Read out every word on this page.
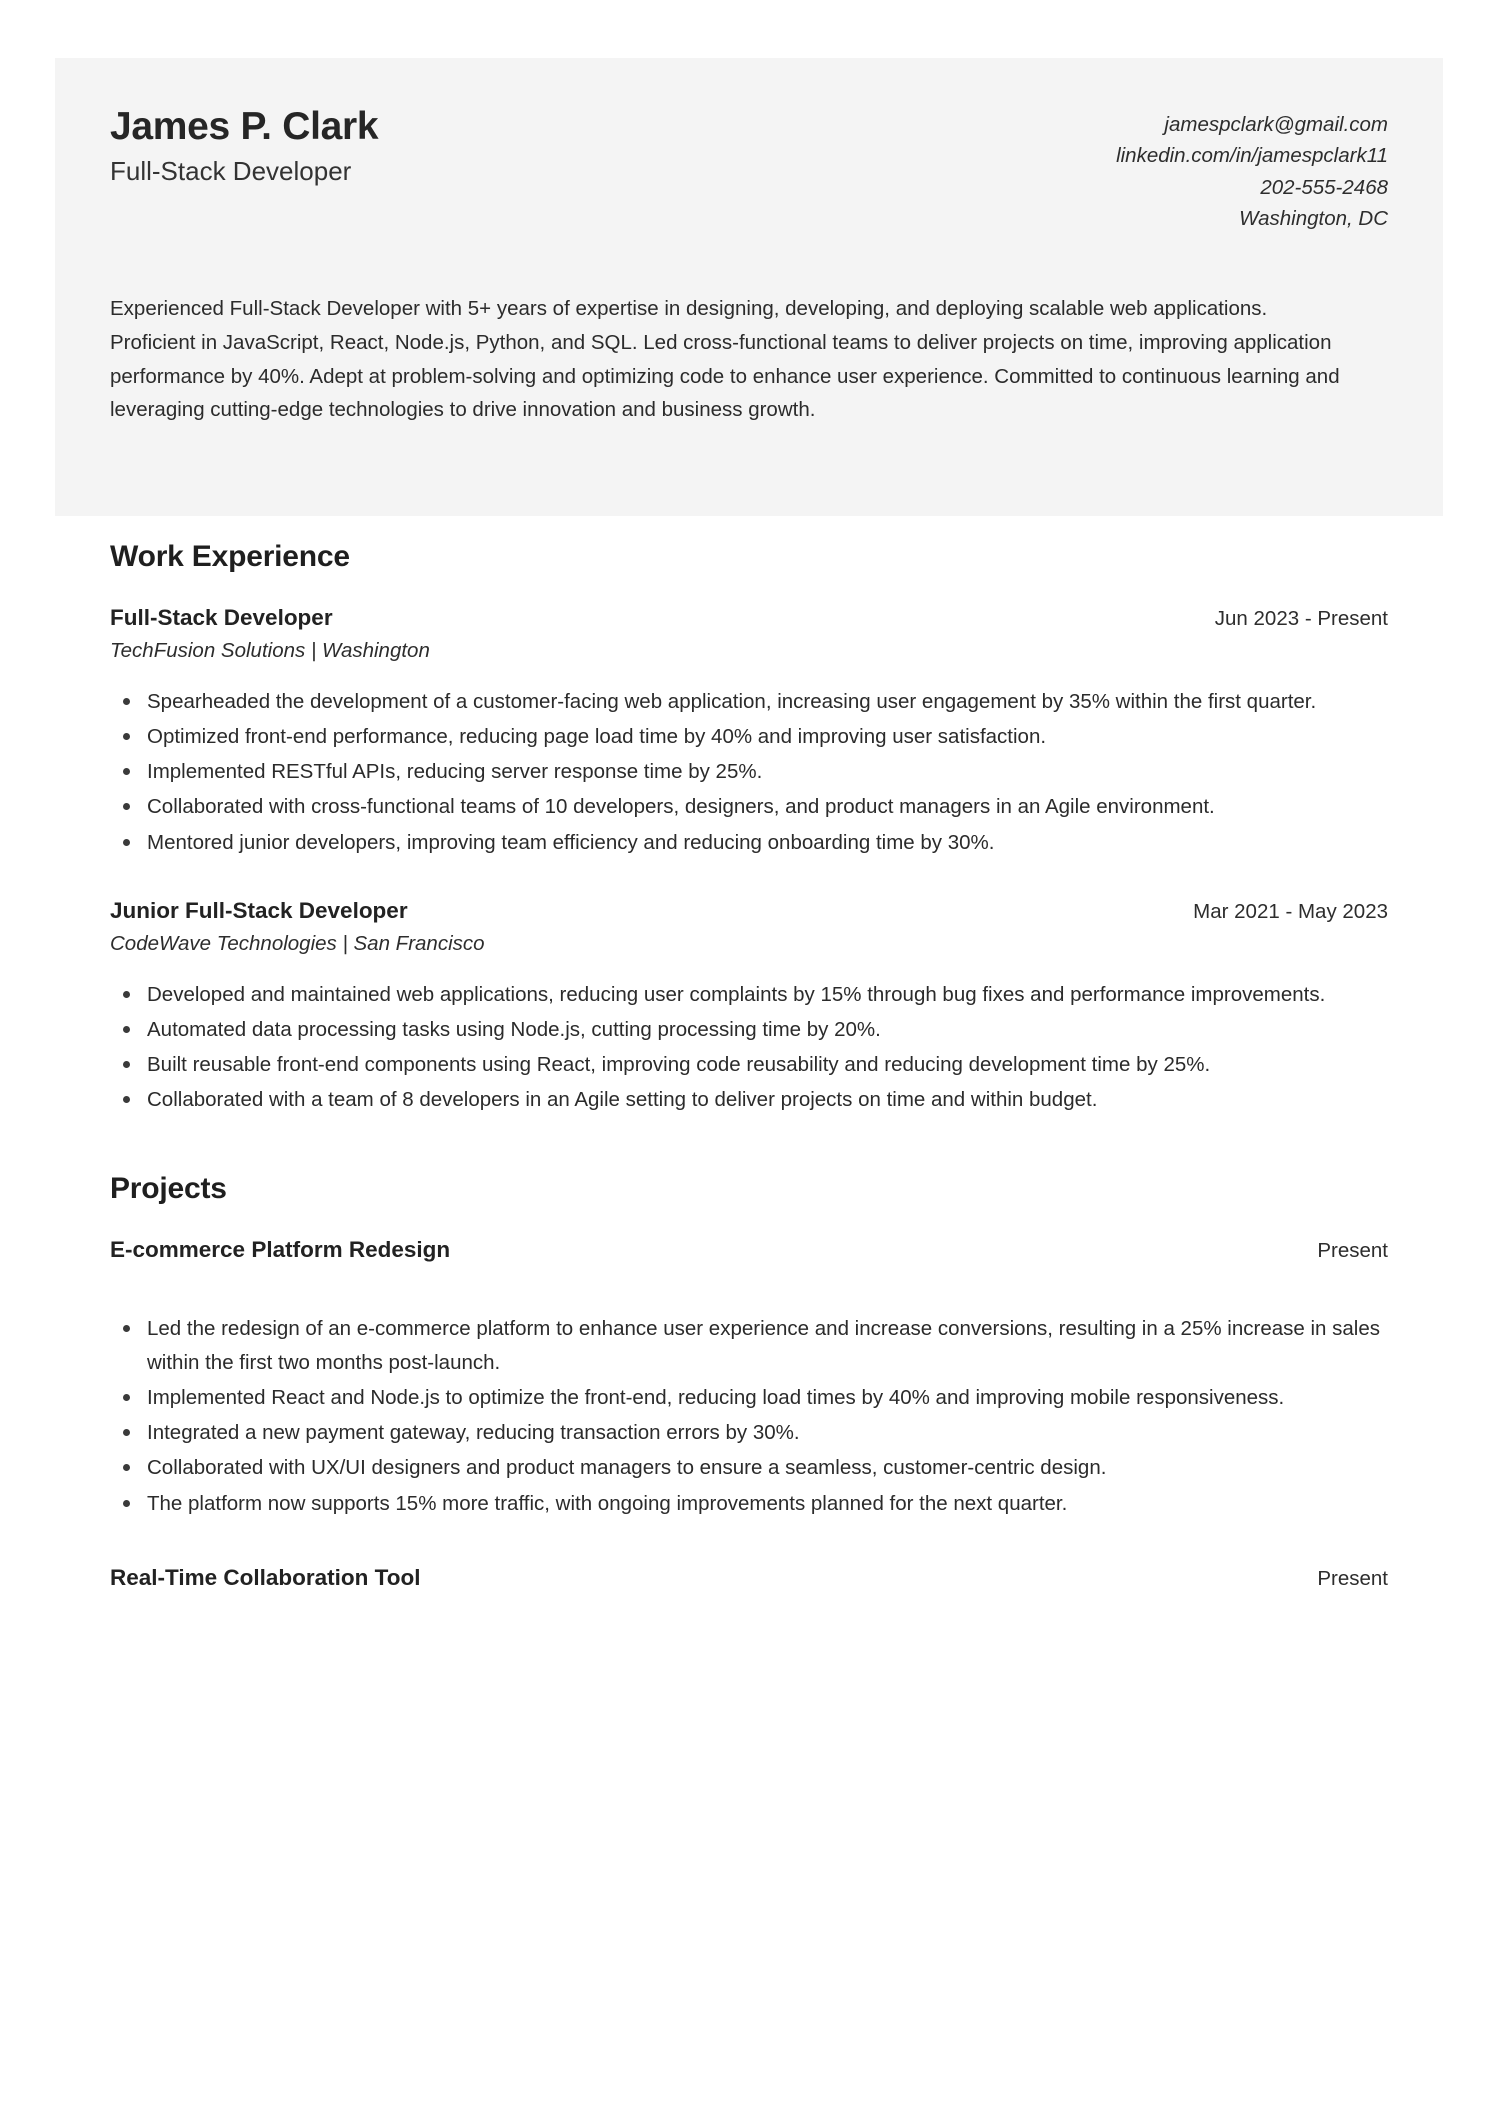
James P. Clark
Full-Stack Developer
jamespclark@gmail.com
linkedin.com/in/jamespclark11
202-555-2468
Washington, DC
Experienced Full-Stack Developer with 5+ years of expertise in designing, developing, and deploying scalable web applications. Proficient in JavaScript, React, Node.js, Python, and SQL. Led cross-functional teams to deliver projects on time, improving application performance by 40%. Adept at problem-solving and optimizing code to enhance user experience. Committed to continuous learning and leveraging cutting-edge technologies to drive innovation and business growth.
Work Experience
Full-Stack Developer	Jun 2023 - Present
TechFusion Solutions | Washington
Spearheaded the development of a customer-facing web application, increasing user engagement by 35% within the first quarter.
Optimized front-end performance, reducing page load time by 40% and improving user satisfaction.
Implemented RESTful APIs, reducing server response time by 25%.
Collaborated with cross-functional teams of 10 developers, designers, and product managers in an Agile environment.
Mentored junior developers, improving team efficiency and reducing onboarding time by 30%.
Junior Full-Stack Developer	Mar 2021 - May 2023
CodeWave Technologies | San Francisco
Developed and maintained web applications, reducing user complaints by 15% through bug fixes and performance improvements.
Automated data processing tasks using Node.js, cutting processing time by 20%.
Built reusable front-end components using React, improving code reusability and reducing development time by 25%.
Collaborated with a team of 8 developers in an Agile setting to deliver projects on time and within budget.
Projects
E-commerce Platform Redesign	Present
Led the redesign of an e-commerce platform to enhance user experience and increase conversions, resulting in a 25% increase in sales within the first two months post-launch.
Implemented React and Node.js to optimize the front-end, reducing load times by 40% and improving mobile responsiveness.
Integrated a new payment gateway, reducing transaction errors by 30%.
Collaborated with UX/UI designers and product managers to ensure a seamless, customer-centric design.
The platform now supports 15% more traffic, with ongoing improvements planned for the next quarter.
Real-Time Collaboration Tool	Present
